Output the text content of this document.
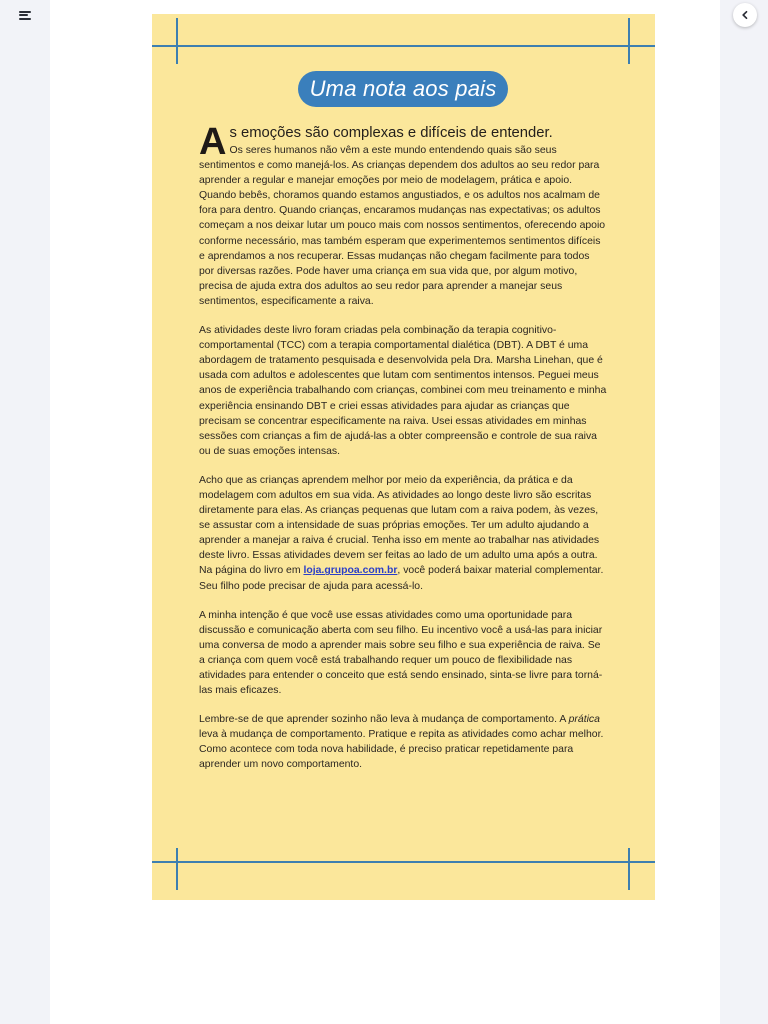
Uma nota aos pais

A s emoções são complexas e difíceis de entender.
Os seres humanos não vêm a este mundo entendendo quais são seus sentimentos e como manejá-los. As crianças dependem dos adultos ao seu redor para aprender a regular e manejar emoções por meio de modelagem, prática e apoio. Quando bebês, choramos quando estamos angustiados, e os adultos nos acalmam de fora para dentro. Quando crianças, encaramos mudanças nas expectativas; os adultos começam a nos deixar lutar um pouco mais com nossos sentimentos, oferecendo apoio conforme necessário, mas também esperam que experimentemos sentimentos difíceis e aprendamos a nos recuperar. Essas mudanças não chegam facilmente para todos por diversas razões. Pode haver uma criança em sua vida que, por algum motivo, precisa de ajuda extra dos adultos ao seu redor para aprender a manejar seus sentimentos, especificamente a raiva.

As atividades deste livro foram criadas pela combinação da terapia cognitivo-comportamental (TCC) com a terapia comportamental dialética (DBT). A DBT é uma abordagem de tratamento pesquisada e desenvolvida pela Dra. Marsha Linehan, que é usada com adultos e adolescentes que lutam com sentimentos intensos. Peguei meus anos de experiência trabalhando com crianças, combinei com meu treinamento e minha experiência ensinando DBT e criei essas atividades para ajudar as crianças que precisam se concentrar especificamente na raiva. Usei essas atividades em minhas sessões com crianças a fim de ajudá-las a obter compreensão e controle de sua raiva ou de suas emoções intensas.

Acho que as crianças aprendem melhor por meio da experiência, da prática e da modelagem com adultos em sua vida. As atividades ao longo deste livro são escritas diretamente para elas. As crianças pequenas que lutam com a raiva podem, às vezes, se assustar com a intensidade de suas próprias emoções. Ter um adulto ajudando a aprender a manejar a raiva é crucial. Tenha isso em mente ao trabalhar nas atividades deste livro. Essas atividades devem ser feitas ao lado de um adulto uma após a outra. Na página do livro em loja.grupoa.com.br, você poderá baixar material complementar. Seu filho pode precisar de ajuda para acessá-lo.

A minha intenção é que você use essas atividades como uma oportunidade para discussão e comunicação aberta com seu filho. Eu incentivo você a usá-las para iniciar uma conversa de modo a aprender mais sobre seu filho e sua experiência de raiva. Se a criança com quem você está trabalhando requer um pouco de flexibilidade nas atividades para entender o conceito que está sendo ensinado, sinta-se livre para torná-las mais eficazes.

Lembre-se de que aprender sozinho não leva à mudança de comportamento. A prática leva à mudança de comportamento. Pratique e repita as atividades como achar melhor. Como acontece com toda nova habilidade, é preciso praticar repetidamente para aprender um novo comportamento.
